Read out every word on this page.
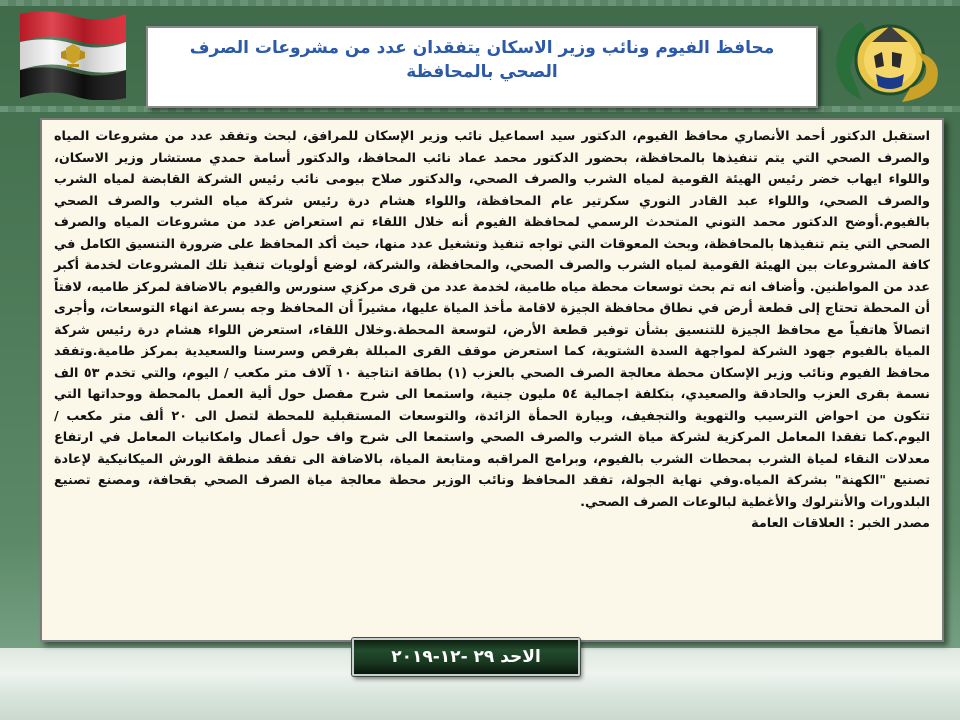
محافظ الفيوم ونائب وزير الاسكان يتفقدان عدد من مشروعات الصرف الصحي بالمحافظة

استقبل الدكتور أحمد الأنصاري محافظ الفيوم، الدكتور سيد اسماعيل نائب وزير الإسكان للمرافق، لبحث وتفقد عدد من مشروعات المياه والصرف الصحي التي يتم تنفيذها بالمحافظة، بحضور الدكتور محمد عماد نائب المحافظ، والدكتور أسامة حمدي مستشار وزير الاسكان، واللواء ايهاب خضر رئيس الهيئة القومية لمياه الشرب والصرف الصحي، والدكتور صلاح بيومى نائب رئيس الشركة القابضة لمياه الشرب والصرف الصحي، واللواء عبد القادر النوري سكرتير عام المحافظة، واللواء هشام درة رئيس شركة مياه الشرب والصرف الصحي بالفيوم.أوضح الدكتور محمد التوني المتحدث الرسمي لمحافظة الفيوم أنه خلال اللقاء تم استعراض عدد من مشروعات المياه والصرف الصحي التي يتم تنفيذها بالمحافظة، وبحث المعوقات التي تواجه تنفيذ وتشغيل عدد منها، حيث أكد المحافظ على ضرورة التنسيق الكامل في كافة المشروعات بين الهيئة القومية لمياه الشرب والصرف الصحي، والمحافظة، والشركة، لوضع أولويات تنفيذ تلك المشروعات لخدمة أكبر عدد من المواطنين. وأضاف انه تم بحث توسعات محطة مياه طامية، لخدمة عدد من قرى مركزي سنورس والفيوم بالاضافة لمركز طاميه، لافتاً أن المحطة تحتاج إلى قطعة أرض في نطاق محافظة الجيزة لاقامة مأخذ المياة عليها، مشيراً أن المحافظ وجه بسرعة انهاء التوسعات، وأجرى اتصالاً هاتفياً مع محافظ الجيزة للتنسيق بشأن توفير قطعة الأرض، لتوسعة المحطة.وخلال اللقاء، استعرض اللواء هشام درة رئيس شركة المياة بالفيوم جهود الشركة لمواجهة السدة الشتوية، كما استعرض موقف القرى المبللة بفرقص وسرسنا والسعيدية بمركز طامية.وتفقد محافظ الفيوم ونائب وزير الإسكان محطة معالجة الصرف الصحي بالعزب (١) بطاقة انتاجية ١٠ آلاف متر مكعب / اليوم، والتي تخدم ٥٣ الف نسمة بقرى العزب والحادقة والصعيدي، بتكلفة اجمالية ٥٤ مليون جنية، واستمعا الى شرح مفصل حول ألية العمل بالمحطة ووحداتها التي تتكون من احواض الترسيب والتهوية والتجفيف، وبيارة الحمأة الزائدة، والتوسعات المستقبلية للمحطة لتصل الى ٢٠ ألف متر مكعب / اليوم.كما تفقدا المعامل المركزية لشركة مياة الشرب والصرف الصحي واستمعا الى شرح واف حول أعمال وامكانيات المعامل في ارتفاع معدلات النقاء لمياة الشرب بمحطات الشرب بالفيوم، وبرامج المراقبه ومتابعة المياة، بالاضافة الى تفقد منطقة الورش الميكانيكية لإعادة تصنيع "الكهنة" بشركة المياه.وفي نهاية الجولة، تفقد المحافظ ونائب الوزير محطة معالجة مياة الصرف الصحي بقحافة، ومصنع تصنيع البلدورات والأنترلوك والأغطية لبالوعات الصرف الصحي.

مصدر الخبر : العلاقات العامة

الاحد ٢٩ -١٢-٢٠١٩
